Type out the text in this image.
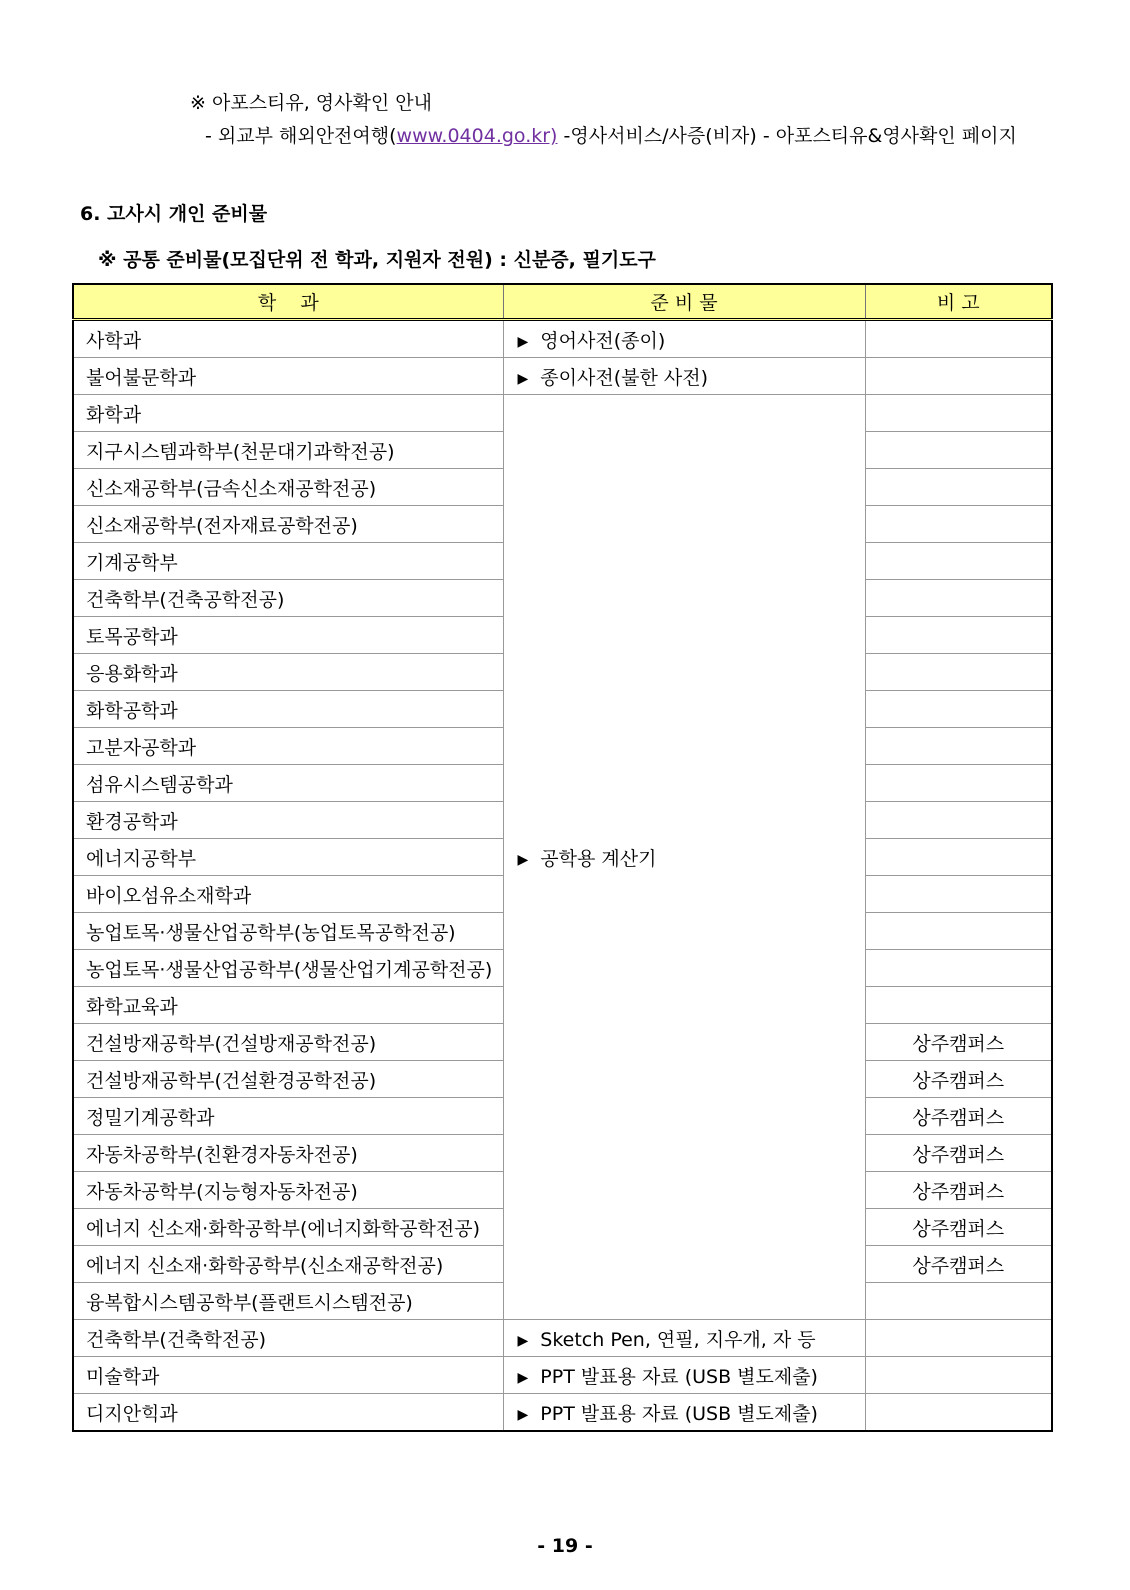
※ 아포스티유, 영사확인 안내
- 외교부 해외안전여행(www.0404.go.kr) -영사서비스/사증(비자) - 아포스티유&영사확인 페이지
6. 고사시 개인 준비물
※ 공통 준비물(모집단위 전 학과, 지원자 전원) : 신분증, 필기도구
학    과	준 비 물	비 고
사학과	▶ 영어사전(종이)	
불어불문학과	▶ 종이사전(불한 사전)	
화학과	▶ 공학용 계산기	
지구시스템과학부(천문대기과학전공)		
신소재공학부(금속신소재공학전공)		
신소재공학부(전자재료공학전공)		
기계공학부		
건축학부(건축공학전공)		
토목공학과		
응용화학과		
화학공학과		
고분자공학과		
섬유시스템공학과		
환경공학과		
에너지공학부		
바이오섬유소재학과		
농업토목·생물산업공학부(농업토목공학전공)		
농업토목·생물산업공학부(생물산업기계공학전공)		
화학교육과		
건설방재공학부(건설방재공학전공)		상주캠퍼스
건설방재공학부(건설환경공학전공)		상주캠퍼스
정밀기계공학과		상주캠퍼스
자동차공학부(친환경자동차전공)		상주캠퍼스
자동차공학부(지능형자동차전공)		상주캠퍼스
에너지 신소재·화학공학부(에너지화학공학전공)		상주캠퍼스
에너지 신소재·화학공학부(신소재공학전공)		상주캠퍼스
융복합시스템공학부(플랜트시스템전공)		
건축학부(건축학전공)	▶ Sketch Pen, 연필, 지우개, 자 등	
미술학과	▶ PPT 발표용 자료 (USB 별도제출)	
디지안힉과	▶ PPT 발표용 자료 (USB 별도제출)	
- 19 -
